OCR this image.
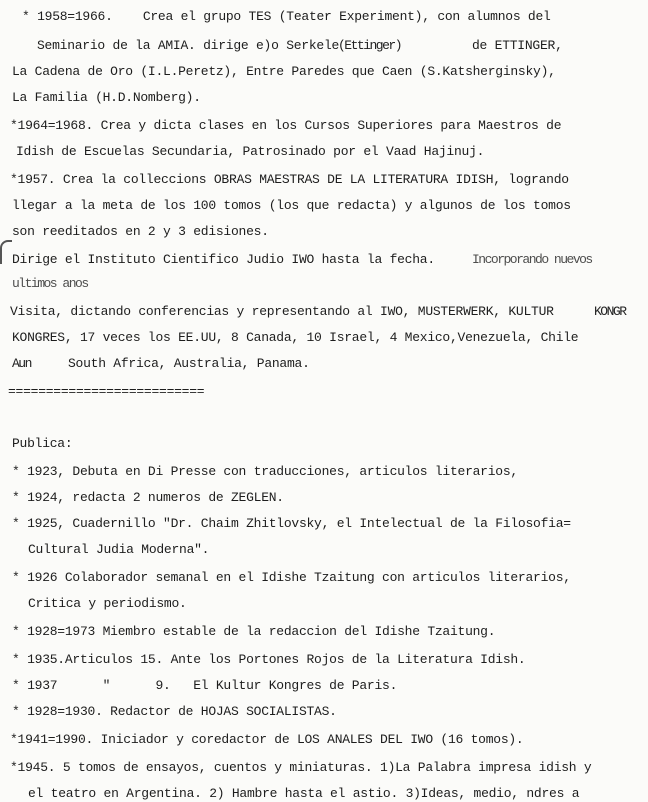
* 1958=1966.    Crea el grupo TES (Teater Experiment), con alumnos del
Seminario de la AMIA. dirige e)o Serkele
(Ettinger)	de ETTINGER,
La Cadena de Oro (I.L.Peretz), Entre Paredes que Caen (S.Katsherginsky),
La Familia (H.D.Nomberg).
*1964=1968. Crea y dicta clases en los Cursos Superiores para Maestros de
Idish de Escuelas Secundaria, Patrosinado por el Vaad Hajinuj.
*1957. Crea la colleccions OBRAS MAESTRAS DE LA LITERATURA IDISH, logrando
llegar a la meta de los 100 tomos (los que redacta) y algunos de los tomos
son reeditados en 2 y 3 edisiones.
Dirige el Instituto Cientifico Judio IWO hasta la fecha.	Incorporando nuevos
ultimos anos
Visita, dictando conferencias y representando al IWO, MUSTERWERK, KULTUR	KONGR
KONGRES, 17 veces los EE.UU, 8 Canada, 10 Israel, 4 Mexico,Venezuela, Chile
Aun	South Africa, Australia, Panama.
==========================
Publica:
* 1923, Debuta en Di Presse con traducciones, articulos literarios,
* 1924, redacta 2 numeros de ZEGLEN.
* 1925, Cuadernillo "Dr. Chaim Zhitlovsky, el Intelectual de la Filosofia=
Cultural Judia Moderna".
* 1926 Colaborador semanal en el Idishe Tzaitung con articulos literarios,
Critica y periodismo.
* 1928=1973 Miembro estable de la redaccion del Idishe Tzaitung.
* 1935.Articulos 15. Ante los Portones Rojos de la Literatura Idish.
* 1937      "      9.   El Kultur Kongres de Paris.
* 1928=1930. Redactor de HOJAS SOCIALISTAS.
*1941=1990. Iniciador y coredactor de LOS ANALES DEL IWO (16 tomos).
*1945. 5 tomos de ensayos, cuentos y miniaturas. 1)La Palabra impresa idish y
el teatro en Argentina. 2) Hambre hasta el astio. 3)Ideas, medio, ndres a
